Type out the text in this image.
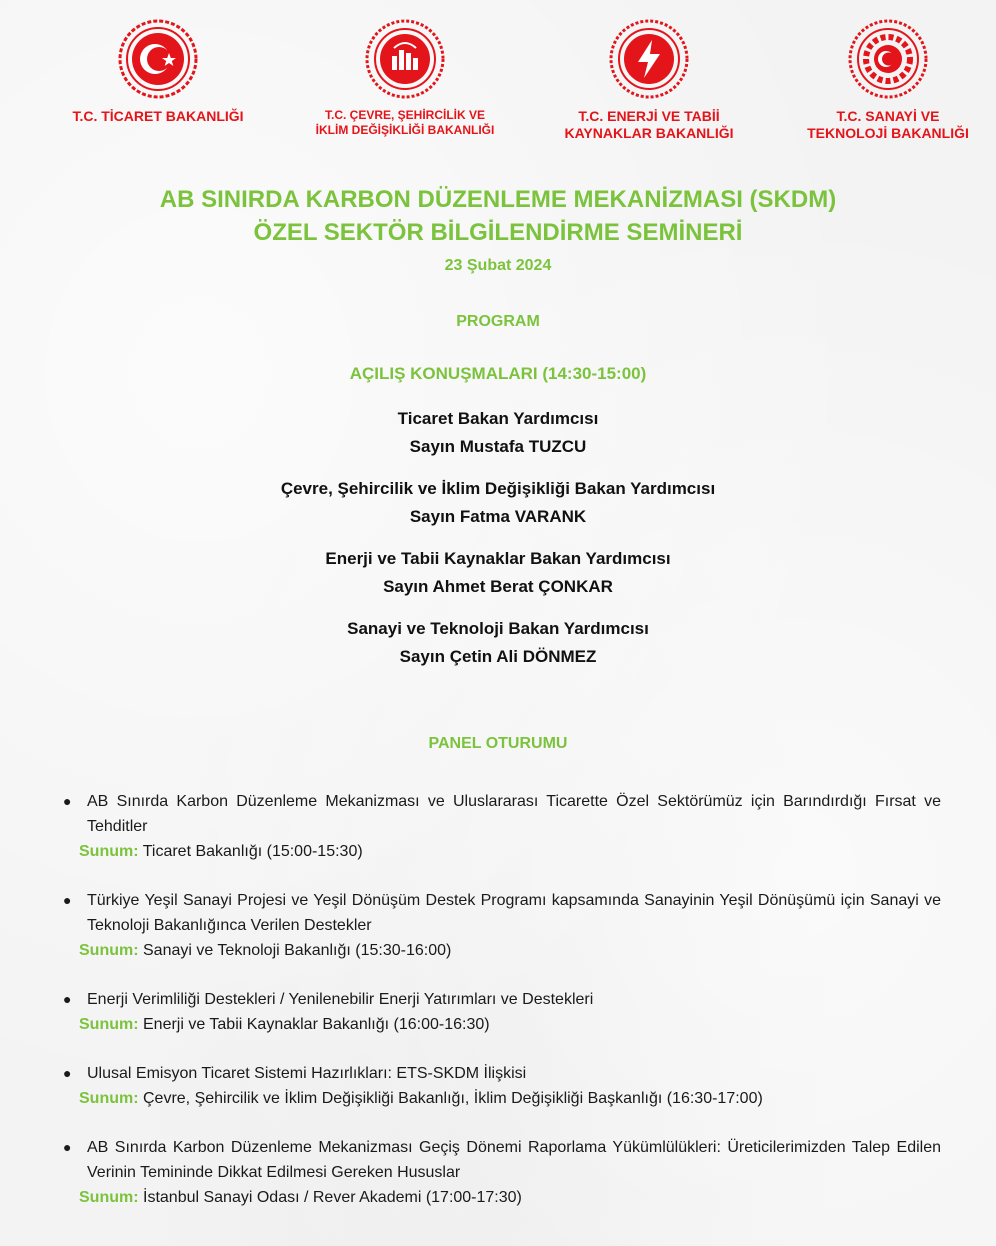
T.C. TİCARET BAKANLIĞI	T.C. ÇEVRE, ŞEHİRCİLİK VE
İKLİM DEĞİŞİKLİĞİ BAKANLIĞI
T.C. ENERJİ VE TABİİ
KAYNAKLAR BAKANLIĞI
T.C. SANAYİ VE
TEKNOLOJİ BAKANLIĞI
AB SINIRDA KARBON DÜZENLEME MEKANİZMASI (SKDM)
ÖZEL SEKTÖR BİLGİLENDİRME SEMİNERİ
23 Şubat 2024
PROGRAM
AÇILIŞ KONUŞMALARI (14:30-15:00)
Ticaret Bakan Yardımcısı
Sayın Mustafa TUZCU
Çevre, Şehircilik ve İklim Değişikliği Bakan Yardımcısı
Sayın Fatma VARANK
Enerji ve Tabii Kaynaklar Bakan Yardımcısı
Sayın Ahmet Berat ÇONKAR
Sanayi ve Teknoloji Bakan Yardımcısı
Sayın Çetin Ali DÖNMEZ
PANEL OTURUMU
● AB Sınırda Karbon Düzenleme Mekanizması ve Uluslararası Ticarette Özel Sektörümüz için Barındırdığı Fırsat ve Tehditler
Sunum: Ticaret Bakanlığı (15:00-15:30)
● Türkiye Yeşil Sanayi Projesi ve Yeşil Dönüşüm Destek Programı kapsamında Sanayinin Yeşil Dönüşümü için Sanayi ve Teknoloji Bakanlığınca Verilen Destekler
Sunum: Sanayi ve Teknoloji Bakanlığı (15:30-16:00)
● Enerji Verimliliği Destekleri / Yenilenebilir Enerji Yatırımları ve Destekleri
Sunum: Enerji ve Tabii Kaynaklar Bakanlığı (16:00-16:30)
● Ulusal Emisyon Ticaret Sistemi Hazırlıkları: ETS-SKDM İlişkisi
Sunum: Çevre, Şehircilik ve İklim Değişikliği Bakanlığı, İklim Değişikliği Başkanlığı (16:30-17:00)
● AB Sınırda Karbon Düzenleme Mekanizması Geçiş Dönemi Raporlama Yükümlülükleri: Üreticilerimizden Talep Edilen Verinin Temininde Dikkat Edilmesi Gereken Hususlar
Sunum: İstanbul Sanayi Odası / Rever Akademi (17:00-17:30)
